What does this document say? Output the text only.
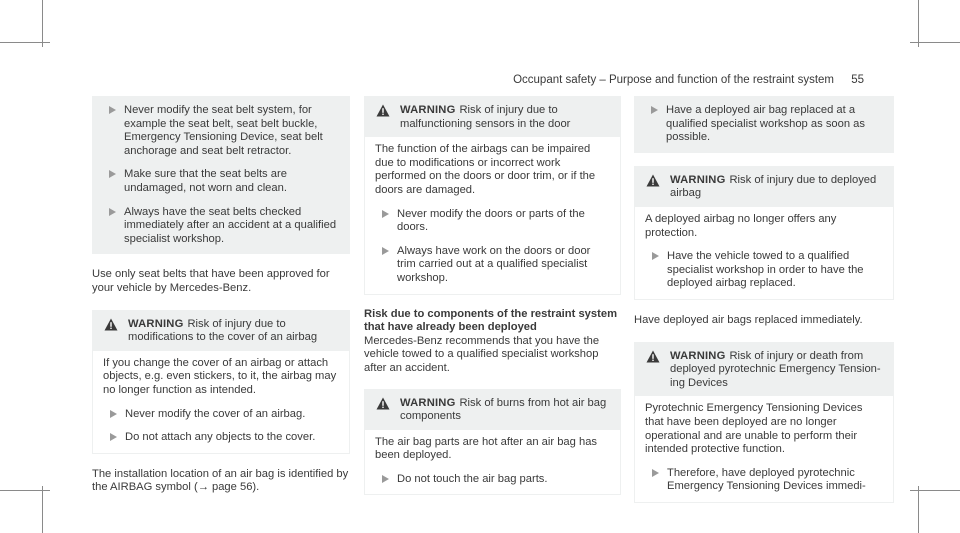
Occupant safety – Purpose and function of the restraint system 55

Never modify the seat belt system, for example the seat belt, seat belt buckle, Emergency Tensioning Device, seat belt anchorage and seat belt retractor.

Make sure that the seat belts are undamaged, not worn and clean.

Always have the seat belts checked immediately after an accident at a qualified specialist workshop.

Use only seat belts that have been approved for your vehicle by Mercedes-Benz.

WARNING Risk of injury due to modifications to the cover of an airbag

If you change the cover of an airbag or attach objects, e.g. even stickers, to it, the airbag may no longer function as intended.

Never modify the cover of an airbag.

Do not attach any objects to the cover.

The installation location of an air bag is identified by the AIRBAG symbol (→ page 56).

WARNING Risk of injury due to malfunctioning sensors in the door

The function of the airbags can be impaired due to modifications or incorrect work performed on the doors or door trim, or if the doors are damaged.

Never modify the doors or parts of the doors.

Always have work on the doors or door trim carried out at a qualified specialist workshop.

Risk due to components of the restraint system that have already been deployed

Mercedes-Benz recommends that you have the vehicle towed to a qualified specialist workshop after an accident.

WARNING Risk of burns from hot air bag components

The air bag parts are hot after an air bag has been deployed.

Do not touch the air bag parts.

Have a deployed air bag replaced at a qualified specialist workshop as soon as possible.

WARNING Risk of injury due to deployed airbag

A deployed airbag no longer offers any protection.

Have the vehicle towed to a qualified specialist workshop in order to have the deployed airbag replaced.

Have deployed air bags replaced immediately.

WARNING Risk of injury or death from deployed pyrotechnic Emergency Tension-ing Devices

Pyrotechnic Emergency Tensioning Devices that have been deployed are no longer operational and are unable to perform their intended protective function.

Therefore, have deployed pyrotechnic Emergency Tensioning Devices immedi-
